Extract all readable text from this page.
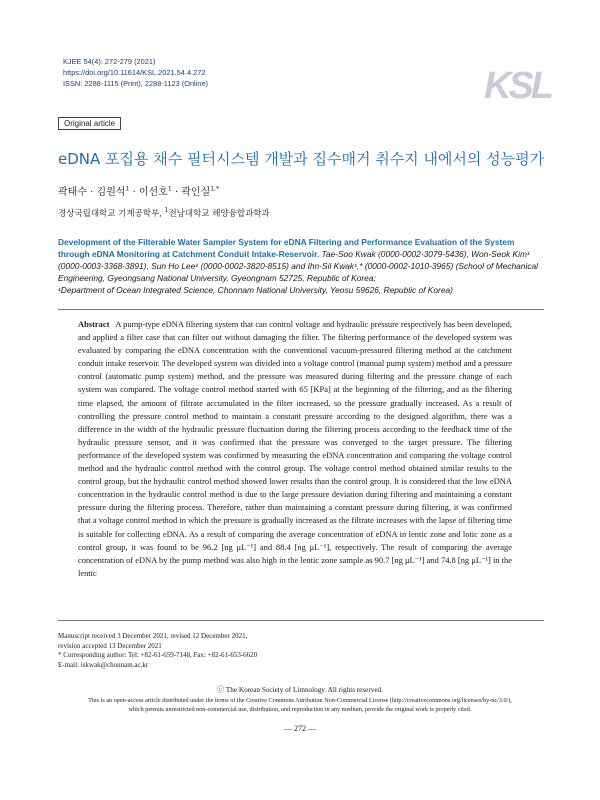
KJEE 54(4): 272-279 (2021)
https://doi.org/10.11614/KSL.2021.54.4.272
ISSN: 2288-1115 (Print), 2288-1123 (Online)	KSL
Original article
eDNA 포집용 채수 필터시스템 개발과 집수매거 취수지 내에서의 성능평가
곽태수 · 김원석$^1$ · 이선호$^1$ · 곽인실$^{1,*}$
경상국립대학교 기계공학부, $^1$전남대학교 해양융합과학과
Development of the Filterable Water Sampler System for eDNA Filtering and Performance Evaluation of the System through eDNA Monitoring at Catchment Conduit Intake-Reservoir. Tae-Soo Kwak (0000-0002-3079-5436), Won-Seok Kim¹ (0000-0003-3368-3891), Sun Ho Lee¹ (0000-0002-3820-8515) and Ihn-Sil Kwak¹,* (0000-0002-1010-3965) (School of Mechanical Engineering, Gyeongsang National University, Gyeongnam 52725, Republic of Korea;
¹Department of Ocean Integrated Science, Chonnam National University, Yeosu 59626, Republic of Korea)
Abstract A pump-type eDNA filtering system that can control voltage and hydraulic pressure respectively has been developed, and applied a filter case that can filter out without damaging the filter. The filtering performance of the developed system was evaluated by comparing the eDNA concentration with the conventional vacuum-pressured filtering method at the catchment conduit intake reservoir. The developed system was divided into a voltage control (manual pump system) method and a pressure control (automatic pump system) method, and the pressure was measured during filtering and the pressure change of each system was compared. The voltage control method started with 65 [KPa] at the beginning of the filtering, and as the filtering time elapsed, the amount of filtrate accumulated in the filter increased, so the pressure gradually increased. As a result of controlling the pressure control method to maintain a constant pressure according to the designed algorithm, there was a difference in the width of the hydraulic pressure fluctuation during the filtering process according to the feedback time of the hydraulic pressure sensor, and it was confirmed that the pressure was converged to the target pressure. The filtering performance of the developed system was confirmed by measuring the eDNA concentration and comparing the voltage control method and the hydraulic control method with the control group. The voltage control method obtained similar results to the control group, but the hydraulic control method showed lower results than the control group. It is considered that the low eDNA concentration in the hydraulic control method is due to the large pressure deviation during filtering and maintaining a constant pressure during the filtering process. Therefore, rather than maintaining a constant pressure during filtering, it was confirmed that a voltage control method in which the pressure is gradually increased as the filtrate increases with the lapse of filtering time is suitable for collecting eDNA. As a result of comparing the average concentration of eDNA in lentic zone and lotic zone as a control group, it was found to be 96.2 [ng μL⁻¹] and 88.4 [ng μL⁻¹], respectively. The result of comparing the average concentration of eDNA by the pump method was also high in the lentic zone sample as 90.7 [ng μL⁻¹] and 74.8 [ng μL⁻¹] in the lentic
Manuscript received 3 December 2021, revised 12 December 2021,
revision accepted 13 December 2021
* Corresponding author: Tel: +82-61-659-7148, Fax: +82-61-653-6620
E-mail: iskwak@chonnam.ac.kr
ⓒ The Korean Society of Limnology. All rights reserved.
This is an open-access article distributed under the terms of the Creative Commons Attribution Non-Commercial License (http://creativecommons.org/licenses/by-nc/3.0/),
which permits unrestricted non-commercial use, distribution, and reproduction in any medium, provide the original work is properly cited.
— 272 —
